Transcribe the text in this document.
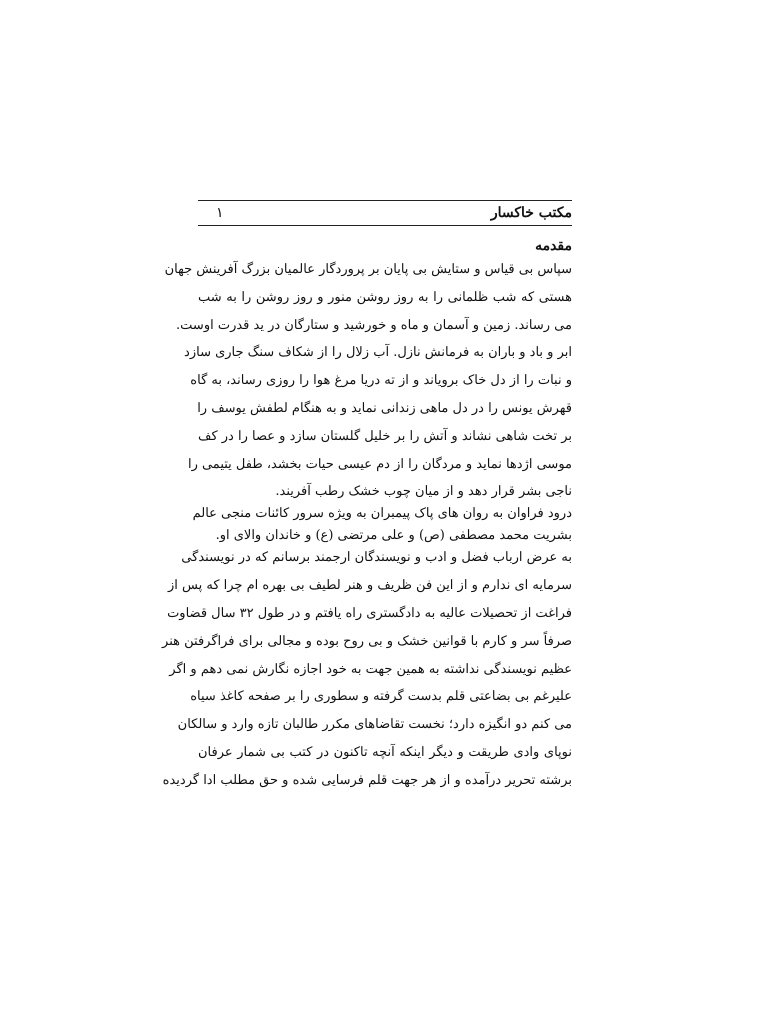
مکتب خاکسار
۱
مقدمه
سپاس بی قیاس و ستایش بی پایان بر پروردگار عالمیان بزرگ آفرینش جهان
هستی که شب ظلمانی را به روز روشن منور و روز روشن را به شب
می رساند. زمین و آسمان و ماه و خورشید و ستارگان در ید قدرت اوست.
ابر و باد و باران به فرمانش نازل. آب زلال را از شکاف سنگ جاری سازد
و نبات را از دل خاک برویاند و از ته دریا مرغ هوا را روزی رساند، به گاه
قهرش یونس را در دل ماهی زندانی نماید و به هنگام لطفش یوسف را
بر تخت شاهی نشاند و آتش را بر خلیل گلستان سازد و عصا را در کف
موسی اژدها نماید و مردگان را از دم عیسی حیات بخشد، طفل یتیمی را
ناجی بشر قرار دهد و از میان چوب خشک رطب آفریند.
درود فراوان به روان های پاک پیمبران به ویژه سرور کائنات منجی عالم
بشریت محمد مصطفی (ص) و علی مرتضی (ع) و خاندان والای او.
به عرض ارباب فضل و ادب و نویسندگان ارجمند برسانم که در نویسندگی
سرمایه ای ندارم و از این فن ظریف و هنر لطیف بی بهره ام چرا که پس از
فراغت از تحصیلات عالیه به دادگستری راه یافتم و در طول ۳۲ سال قضاوت
صرفاً سر و کارم با قوانین خشک و بی روح بوده و مجالی برای فراگرفتن هنر
عظیم نویسندگی نداشته به همین جهت به خود اجازه نگارش نمی دهم و اگر
علیرغم بی بضاعتی قلم بدست گرفته و سطوری را بر صفحه کاغذ سیاه
می کنم دو انگیزه دارد؛ نخست تقاضاهای مکرر طالبان تازه وارد و سالکان
نوپای وادی طریقت و دیگر اینکه آنچه تاکنون در کتب بی شمار عرفان
برشته تحریر درآمده و از هر جهت قلم فرسایی شده و حق مطلب ادا گردیده
